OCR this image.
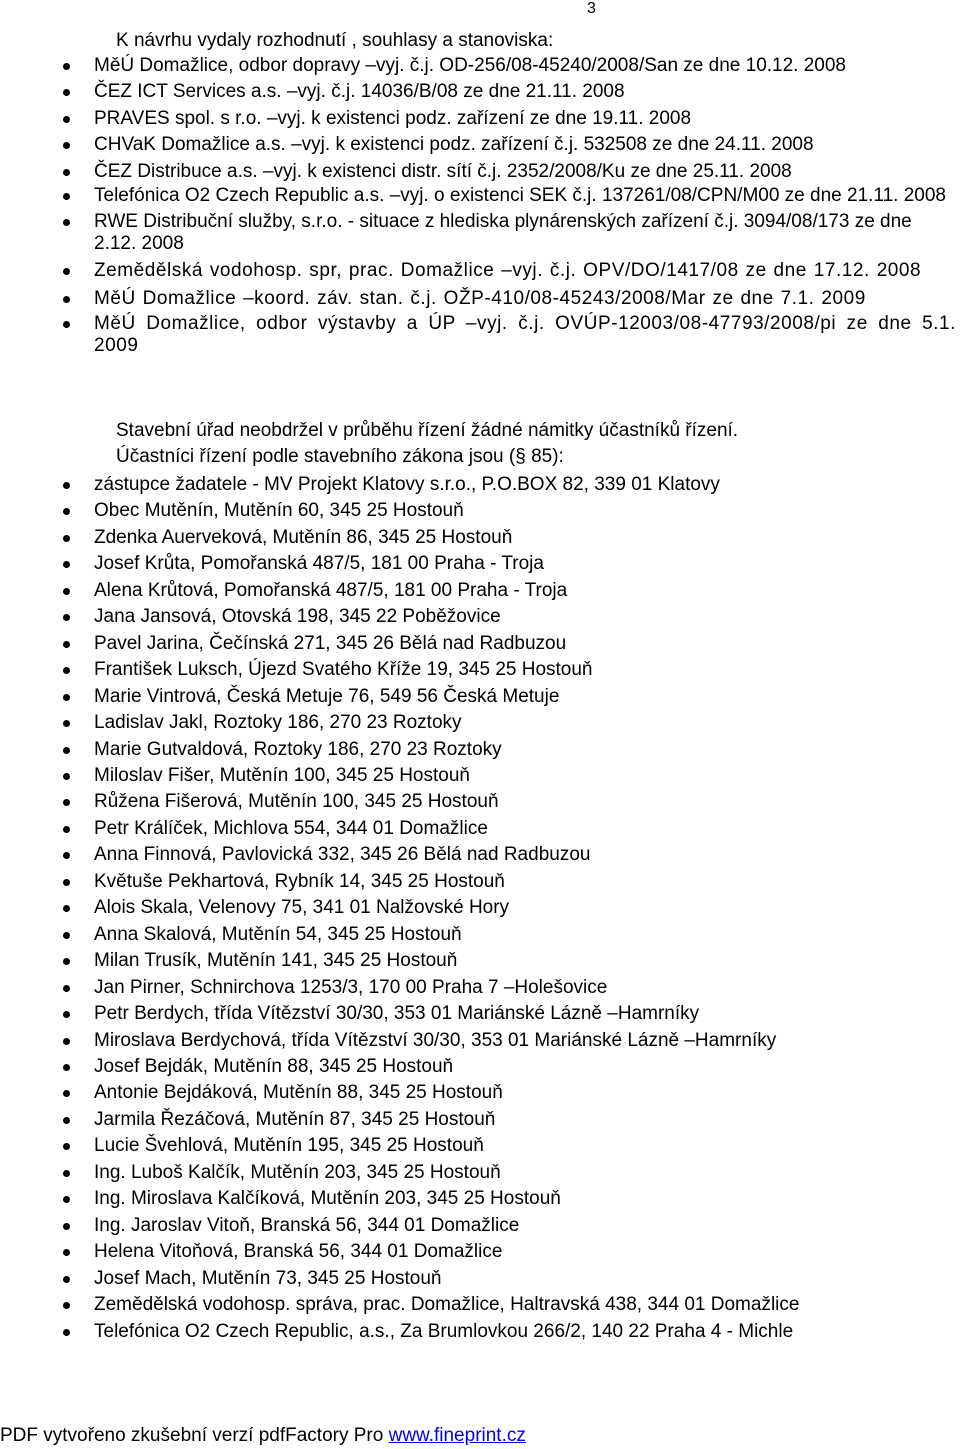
3
K návrhu vydaly rozhodnutí , souhlasy a stanoviska:
MěÚ Domažlice, odbor dopravy –vyj. č.j. OD-256/08-45240/2008/San ze dne 10.12. 2008
ČEZ ICT Services a.s. –vyj. č.j. 14036/B/08 ze dne 21.11. 2008
PRAVES spol. s r.o. –vyj. k existenci podz. zařízení ze dne 19.11. 2008
CHVaK Domažlice a.s. –vyj. k existenci podz. zařízení č.j. 532508 ze dne 24.11. 2008
ČEZ Distribuce a.s. –vyj. k existenci distr. sítí č.j. 2352/2008/Ku ze dne 25.11. 2008
Telefónica O2 Czech Republic a.s. –vyj. o existenci SEK č.j. 137261/08/CPN/M00 ze dne 21.11. 2008
RWE Distribuční služby, s.r.o. - situace z hlediska plynárenských zařízení č.j. 3094/08/173 ze dne 2.12. 2008
Zemědělská vodohosp. spr, prac. Domažlice –vyj. č.j. OPV/DO/1417/08 ze dne 17.12. 2008
MěÚ Domažlice –koord. záv. stan. č.j. OŽP-410/08-45243/2008/Mar ze dne 7.1. 2009
MěÚ Domažlice, odbor výstavby a ÚP –vyj. č.j. OVÚP-12003/08-47793/2008/pi ze dne 5.1. 2009
Stavební úřad neobdržel v průběhu řízení žádné námitky účastníků řízení.
Účastníci řízení podle stavebního zákona jsou (§ 85):
zástupce žadatele - MV Projekt Klatovy s.r.o., P.O.BOX 82, 339 01 Klatovy
Obec Mutěnín, Mutěnín 60, 345 25 Hostouň
Zdenka Auerveková, Mutěnín 86, 345 25 Hostouň
Josef Krůta, Pomořanská 487/5, 181 00 Praha - Troja
Alena Krůtová, Pomořanská 487/5, 181 00 Praha - Troja
Jana Jansová, Otovská 198, 345 22 Poběžovice
Pavel Jarina, Čečínská 271, 345 26 Bělá nad Radbuzou
František Luksch, Újezd Svatého Kříže 19, 345 25 Hostouň
Marie Vintrová, Česká Metuje 76, 549 56 Česká Metuje
Ladislav Jakl, Roztoky 186, 270 23 Roztoky
Marie Gutvaldová, Roztoky 186, 270 23 Roztoky
Miloslav Fišer, Mutěnín 100, 345 25 Hostouň
Růžena Fišerová, Mutěnín 100, 345 25 Hostouň
Petr Králíček, Michlova 554, 344 01 Domažlice
Anna Finnová, Pavlovická 332, 345 26 Bělá nad Radbuzou
Květuše Pekhartová, Rybník 14, 345 25 Hostouň
Alois Skala, Velenovy 75, 341 01 Nalžovské Hory
Anna Skalová, Mutěnín 54, 345 25 Hostouň
Milan Trusík, Mutěnín 141, 345 25 Hostouň
Jan Pirner, Schnirchova 1253/3, 170 00 Praha 7 –Holešovice
Petr Berdych, třída Vítězství 30/30, 353 01 Mariánské Lázně –Hamrníky
Miroslava Berdychová, třída Vítězství 30/30, 353 01 Mariánské Lázně –Hamrníky
Josef Bejdák, Mutěnín 88, 345 25 Hostouň
Antonie Bejdáková, Mutěnín 88, 345 25 Hostouň
Jarmila Řezáčová, Mutěnín 87, 345 25 Hostouň
Lucie Švehlová, Mutěnín 195, 345 25 Hostouň
Ing. Luboš Kalčík, Mutěnín 203, 345 25 Hostouň
Ing. Miroslava Kalčíková, Mutěnín 203, 345 25 Hostouň
Ing. Jaroslav Vitoň, Branská 56, 344 01 Domažlice
Helena Vitoňová, Branská 56, 344 01 Domažlice
Josef Mach, Mutěnín 73, 345 25 Hostouň
Zemědělská vodohosp. správa, prac. Domažlice, Haltravská 438, 344 01 Domažlice
Telefónica O2 Czech Republic, a.s., Za Brumlovkou 266/2, 140 22 Praha 4 - Michle
PDF vytvořeno zkušební verzí pdfFactory Pro www.fineprint.cz
